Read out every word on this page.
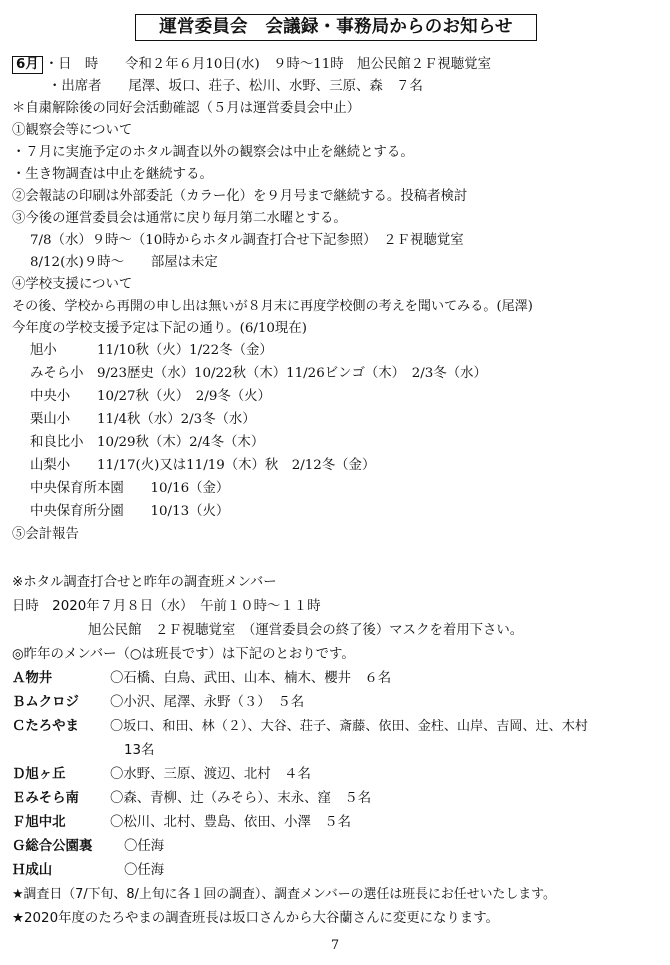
運営委員会　会議録・事務局からのお知らせ
6月 ・日　時　　令和２年６月10日(水)　９時～11時　旭公民館２Ｆ視聴覚室
・出席者　　尾澤、坂口、荘子、松川、水野、三原、森　７名
＊自粛解除後の同好会活動確認（５月は運営委員会中止）
①観察会等について
・７月に実施予定のホタル調査以外の観察会は中止を継続とする。
・生き物調査は中止を継続する。
②会報誌の印刷は外部委託（カラー化）を９月号まで継続する。投稿者検討
③今後の運営委員会は通常に戻り毎月第二水曜とする。
7/8（水）９時～（10時からホタル調査打合せ下記参照）　２Ｆ視聴覚室
8/12(水)９時～　　部屋は未定
④学校支援について
その後、学校から再開の申し出は無いが８月末に再度学校側の考えを聞いてみる。(尾澤)
今年度の学校支援予定は下記の通り。(6/10現在)
旭小　　　11/10秋（火）1/22冬（金）
みそら小　9/23歴史（水）10/22秋（木）11/26ビンゴ（木）　2/3冬（水）
中央小　　10/27秋（火）　2/9冬（火）
栗山小　　11/4秋（水）2/3冬（水）
和良比小　10/29秋（木）2/4冬（木）
山梨小　　11/17(火)又は11/19（木）秋　2/12冬（金）
中央保育所本園　　10/16（金）
中央保育所分園　　10/13（火）
⑤会計報告
※ホタル調査打合せと昨年の調査班メンバー
日時　2020年７月８日（水）　午前１０時～１１時
旭公民館　２Ｆ視聴覚室　（運営委員会の終了後）マスクを着用下さい。
◎昨年のメンバー（○は班長です）は下記のとおりです。
Ａ物井	〇石橋、白鳥、武田、山本、楠木、櫻井　６名
Ｂムクロジ 〇小沢、尾澤、永野（３）　５名
Ｃたろやま 〇坂口、和田、林（２）、大谷、荘子、斎藤、依田、金柱、山岸、吉岡、辻、木村
13名
Ｄ旭ヶ丘	〇水野、三原、渡辺、北村　４名
Ｅみそら南 〇森、青柳、辻（みそら）、末永、窪　５名
Ｆ旭中北	〇松川、北村、豊島、依田、小澤　５名
Ｇ総合公園裏 〇任海
Ｈ成山	〇任海
★調査日（7/下旬、8/上旬に各１回の調査）、調査メンバーの選任は班長にお任せいたします。
★2020年度のたろやまの調査班長は坂口さんから大谷蘭さんに変更になります。
7
